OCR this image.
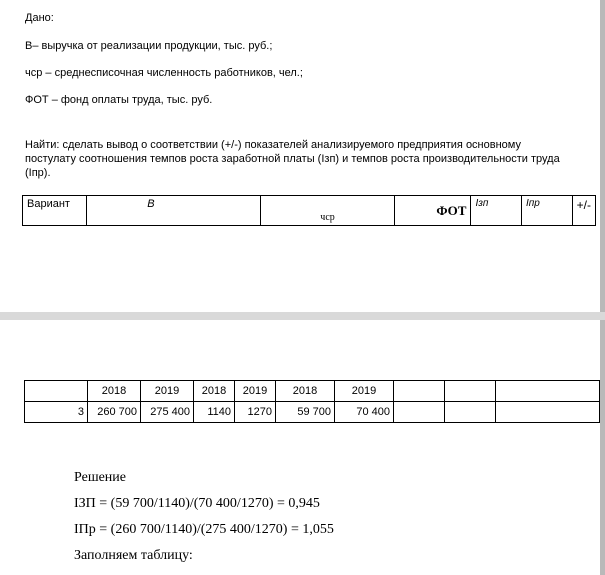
Дано:
В– выручка от реализации продукции, тыс. руб.;
чср – среднесписочная численность работников, чел.;
ФОТ – фонд оплаты труда, тыс. руб.
Найти: сделать вывод о соответствии (+/-) показателей анализируемого предприятия основному постулату соотношения темпов роста заработной платы (Iзп) и темпов роста производительности труда (Iпр).
Вариант	В	чср	ФОТ	Iзп	Iпр	+/-
	2018	2019	2018	2019	2018	2019			
3	260 700	275 400	1140	1270	59 700	70 400			
Решение
IЗП = (59 700/1140)/(70 400/1270) = 0,945
IПр = (260 700/1140)/(275 400/1270) = 1,055
Заполняем таблицу:
